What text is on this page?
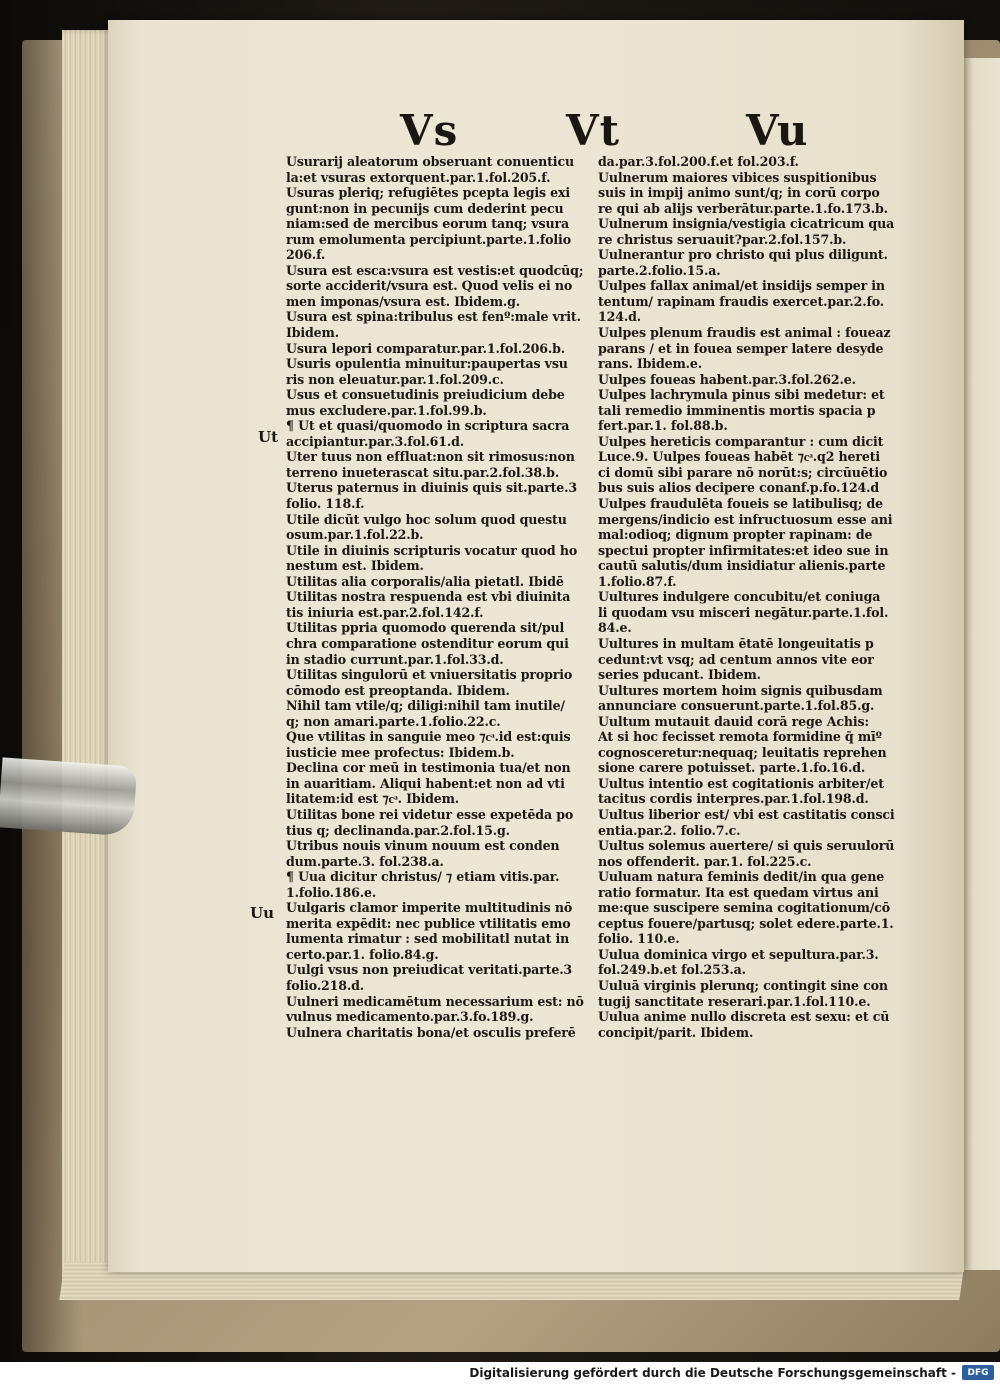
Vs	Vt	Vu
Ut
Uu
Usurarij aleatorum obseruant conuenticu
la:et vsuras extorquent.par.1.fol.205.f.
Usuras pleriq; refugiētes pcepta legis exi
gunt:non in pecunijs cum dederint pecu
niam:sed de mercibus eorum tanq; vsura
rum emolumenta percipiunt.parte.1.folio
206.f.
Usura est esca:vsura est vestis:et quodcūq;
sorte acciderit/vsura est. Quod velis ei no
men imponas/vsura est. Ibidem.g.
Usura est spina:tribulus est fenº:male vrit.
Ibidem.
Usura lepori comparatur.par.1.fol.206.b.
Usuris opulentia minuitur:paupertas vsu
ris non eleuatur.par.1.fol.209.c.
Usus et consuetudinis preiudicium debe
mus excludere.par.1.fol.99.b.
¶ Ut et quasi/quomodo in scriptura sacra
accipiantur.par.3.fol.61.d.
Uter tuus non effluat:non sit rimosus:non
terreno inueterascat situ.par.2.fol.38.b.
Uterus paternus in diuinis quis sit.parte.3
folio. 118.f.
Utile dicūt vulgo hoc solum quod questu
osum.par.1.fol.22.b.
Utile in diuinis scripturis vocatur quod ho
nestum est. Ibidem.
Utilitas alia corporalis/alia pietatl. Ibidē
Utilitas nostra respuenda est vbi diuinita
tis iniuria est.par.2.fol.142.f.
Utilitas ppria quomodo querenda sit/pul
chra comparatione ostenditur eorum qui
in stadio currunt.par.1.fol.33.d.
Utilitas singulorū et vniuersitatis proprio
cōmodo est preoptanda. Ibidem.
Nihil tam vtile/q; diligi:nihil tam inutile/
q; non amari.parte.1.folio.22.c.
Que vtilitas in sanguie meo ⁊cͣ.id est:quis
iusticie mee profectus: Ibidem.b.
Declina cor meū in testimonia tua/et non
in auaritiam. Aliqui habent:et non ad vti
litatem:id est ⁊cͣ. Ibidem.
Utilitas bone rei videtur esse expetēda po
tius q; declinanda.par.2.fol.15.g.
Utribus nouis vinum nouum est conden
dum.parte.3. fol.238.a.
¶ Uua dicitur christus/ ⁊ etiam vitis.par.
1.folio.186.e.
Uulgaris clamor imperite multitudinis nō
merita expēdit: nec publice vtilitatis emo
lumenta rimatur : sed mobilitatl nutat in
certo.par.1. folio.84.g.
Uulgi vsus non preiudicat veritati.parte.3
folio.218.d.
Uulneri medicamētum necessarium est: nō
vulnus medicamento.par.3.fo.189.g.
Uulnera charitatis bona/et osculis preferē
da.par.3.fol.200.f.et fol.203.f.
Uulnerum maiores vibices suspitionibus
suis in impij animo sunt/q; in corū corpo
re qui ab alijs verberātur.parte.1.fo.173.b.
Uulnerum insignia/vestigia cicatricum qua
re christus seruauit?par.2.fol.157.b.
Uulnerantur pro christo qui plus diligunt.
parte.2.folio.15.a.
Uulpes fallax animal/et insidijs semper in
tentum/ rapinam fraudis exercet.par.2.fo.
124.d.
Uulpes plenum fraudis est animal : foueaz
parans / et in fouea semper latere desyde
rans. Ibidem.e.
Uulpes foueas habent.par.3.fol.262.e.
Uulpes lachrymula pinus sibi medetur: et
tali remedio imminentis mortis spacia p
fert.par.1. fol.88.b.
Uulpes hereticis comparantur : cum dicit
Luce.9. Uulpes foueas habēt ⁊cͣ.q2 hereti
ci domū sibi parare nō norūt:s; circūuētio
bus suis alios decipere conanf.p.fo.124.d
Uulpes fraudulēta foueis se latibulisq; de
mergens/indicio est infructuosum esse ani
mal:odioq; dignum propter rapinam: de
spectui propter infirmitates:et ideo sue in
cautū salutis/dum insidiatur alienis.parte
1.folio.87.f.
Uultures indulgere concubitu/et coniuga
li quodam vsu misceri negātur.parte.1.fol.
84.e.
Uultures in multam ētatē longeuitatis p
cedunt:vt vsq; ad centum annos vite eor
series pducant. Ibidem.
Uultures mortem hoim signis quibusdam
annunciare consuerunt.parte.1.fol.85.g.
Uultum mutauit dauid corā rege Achis:
At si hoc fecisset remota formidine q̄ mīº
cognosceretur:nequaq; leuitatis reprehen
sione carere potuisset. parte.1.fo.16.d.
Uultus intentio est cogitationis arbiter/et
tacitus cordis interpres.par.1.fol.198.d.
Uultus liberior est/ vbi est castitatis consci
entia.par.2. folio.7.c.
Uultus solemus auertere/ si quis seruulorū
nos offenderit. par.1. fol.225.c.
Uuluam natura feminis dedit/in qua gene
ratio formatur. Ita est quedam virtus ani
me:que suscipere semina cogitationum/cō
ceptus fouere/partusq; solet edere.parte.1.
folio. 110.e.
Uulua dominica virgo et sepultura.par.3.
fol.249.b.et fol.253.a.
Uuluā virginis plerunq; contingit sine con
tugij sanctitate reserari.par.1.fol.110.e.
Uulua anime nullo discreta est sexu: et cū
concipit/parit. Ibidem.
Digitalisierung gefördert durch die Deutsche Forschungsgemeinschaft -	DFG
